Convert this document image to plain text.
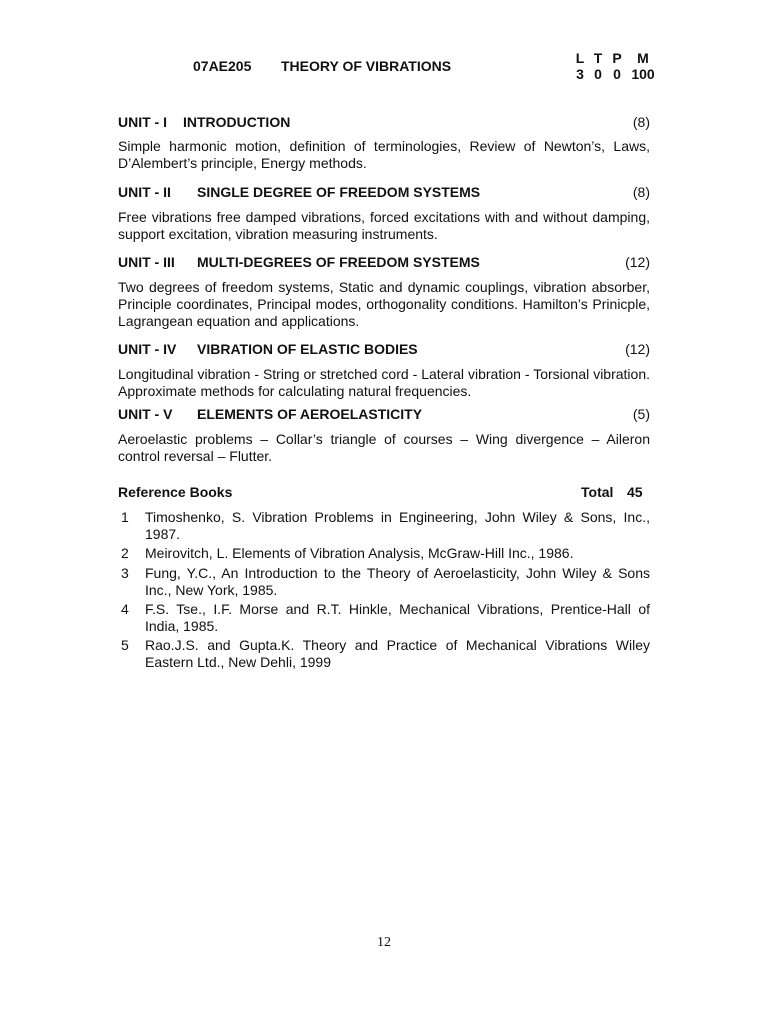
07AE205 THEORY OF VIBRATIONS	L T P M
3 0 0 100
UNIT - I INTRODUCTION	(8)
Simple harmonic motion, definition of terminologies, Review of Newton’s, Laws, D’Alembert’s principle, Energy methods.
UNIT - II SINGLE DEGREE OF FREEDOM SYSTEMS	(8)
Free vibrations free damped vibrations, forced excitations with and without damping, support excitation, vibration measuring instruments.
UNIT - III MULTI-DEGREES OF FREEDOM SYSTEMS	(12)
Two degrees of freedom systems, Static and dynamic couplings, vibration absorber, Principle coordinates, Principal modes, orthogonality conditions. Hamilton’s Prinicple, Lagrangean equation and applications.
UNIT - IV VIBRATION OF ELASTIC BODIES	(12)
Longitudinal vibration - String or stretched cord - Lateral vibration - Torsional vibration. Approximate methods for calculating natural frequencies.
UNIT - V ELEMENTS OF AEROELASTICITY	(5)
Aeroelastic problems – Collar’s triangle of courses – Wing divergence – Aileron control reversal – Flutter.
Reference Books	Total 45
1 Timoshenko, S. Vibration Problems in Engineering, John Wiley & Sons, Inc., 1987.
2 Meirovitch, L. Elements of Vibration Analysis, McGraw-Hill Inc., 1986.
3 Fung, Y.C., An Introduction to the Theory of Aeroelasticity, John Wiley & Sons Inc., New York, 1985.
4 F.S. Tse., I.F. Morse and R.T. Hinkle, Mechanical Vibrations, Prentice-Hall of India, 1985.
5 Rao.J.S. and Gupta.K. Theory and Practice of Mechanical Vibrations Wiley Eastern Ltd., New Dehli, 1999
12
